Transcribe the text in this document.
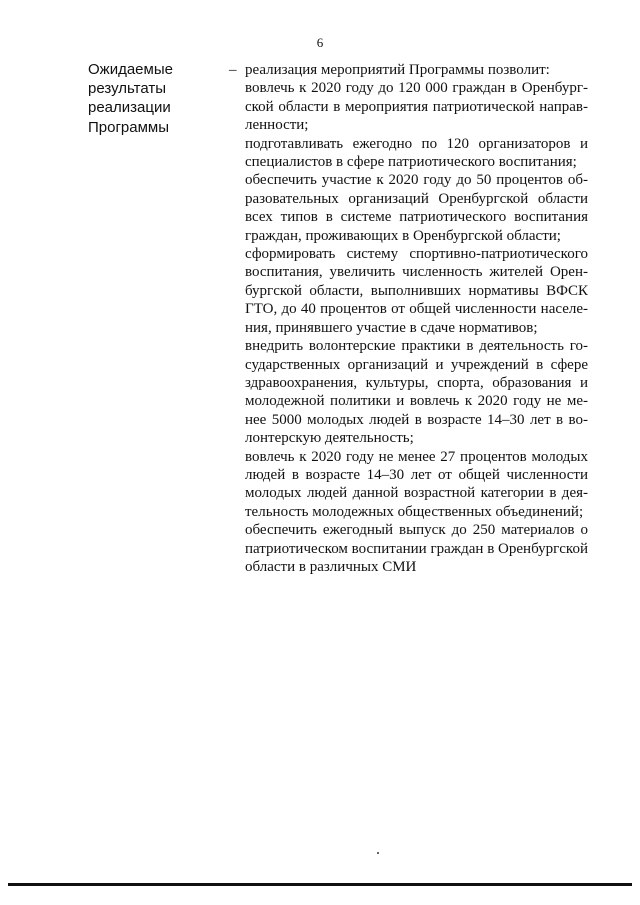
6
Ожидаемые
результаты
реализации
Программы
– реализация мероприятий Программы позволит:
вовлечь к 2020 году до 120 000 граждан в Оренбург-
ской области в мероприятия патриотической направ-
ленности;
подготавливать ежегодно по 120 организаторов и
специалистов в сфере патриотического воспитания;
обеспечить участие к 2020 году до 50 процентов об-
разовательных организаций Оренбургской области
всех типов в системе патриотического воспитания
граждан, проживающих в Оренбургской области;
сформировать систему спортивно-патриотического
воспитания, увеличить численность жителей Орен-
бургской области, выполнивших нормативы ВФСК
ГТО, до 40 процентов от общей численности населе-
ния, принявшего участие в сдаче нормативов;
внедрить волонтерские практики в деятельность го-
сударственных организаций и учреждений в сфере
здравоохранения, культуры, спорта, образования и
молодежной политики и вовлечь к 2020 году не ме-
нее 5000 молодых людей в возрасте 14–30 лет в во-
лонтерскую деятельность;
вовлечь к 2020 году не менее 27 процентов молодых
людей в возрасте 14–30 лет от общей численности
молодых людей данной возрастной категории в дея-
тельность молодежных общественных объединений;
обеспечить ежегодный выпуск до 250 материалов о
патриотическом воспитании граждан в Оренбургской
области в различных СМИ
